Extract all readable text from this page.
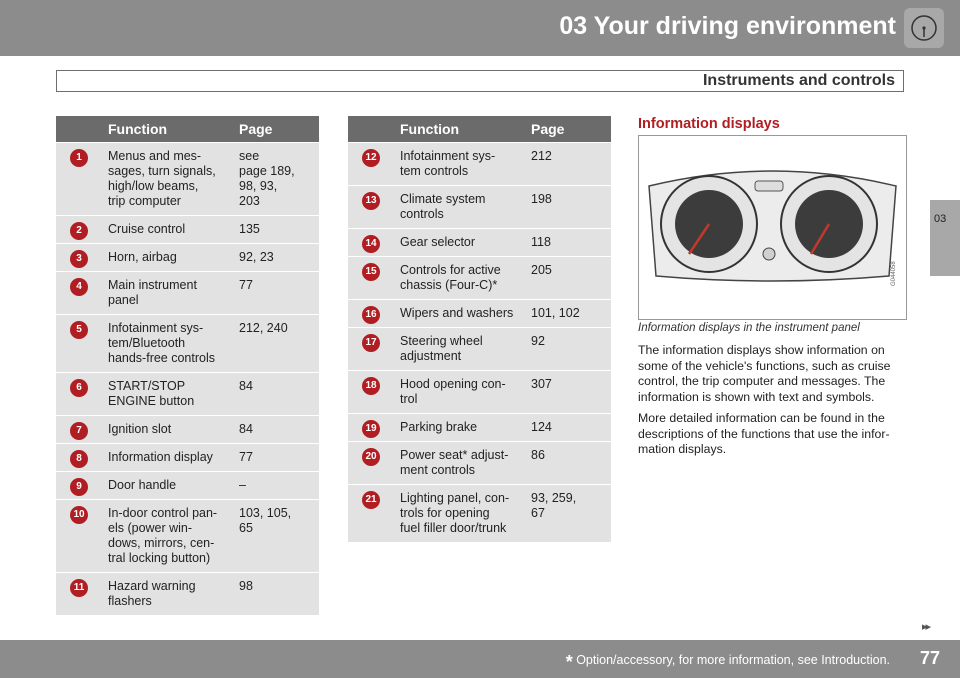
03 Your driving environment
Instruments and controls
03
	Function	Page
1	Menus and mes-
sages, turn signals,
high/low beams,
trip computer	see
page 189,
98, 93,
203
2	Cruise control	135
3	Horn, airbag	92, 23
4	Main instrument
panel	77
5	Infotainment sys-
tem/Bluetooth
hands-free controls	212, 240
6	START/STOP
ENGINE button	84
7	Ignition slot	84
8	Information display	77
9	Door handle	–
10	In-door control pan-
els (power win-
dows, mirrors, cen-
tral locking button)	103, 105,
65
11	Hazard warning
flashers	98
	Function	Page
12	Infotainment sys-
tem controls	212
13	Climate system
controls	198
14	Gear selector	118
15	Controls for active
chassis (Four-C)*	205
16	Wipers and washers	101, 102
17	Steering wheel
adjustment	92
18	Hood opening con-
trol	307
19	Parking brake	124
20	Power seat* adjust-
ment controls	86
21	Lighting panel, con-
trols for opening
fuel filler door/trunk	93, 259,
67
Information displays
G044058
Information displays in the instrument panel
The information displays show information on some of the vehicle's functions, such as cruise control, the trip computer and messages. The information is shown with text and symbols.
More detailed information can be found in the descriptions of the functions that use the infor-mation displays.
▸▸
* Option/accessory, for more information, see Introduction. 77
